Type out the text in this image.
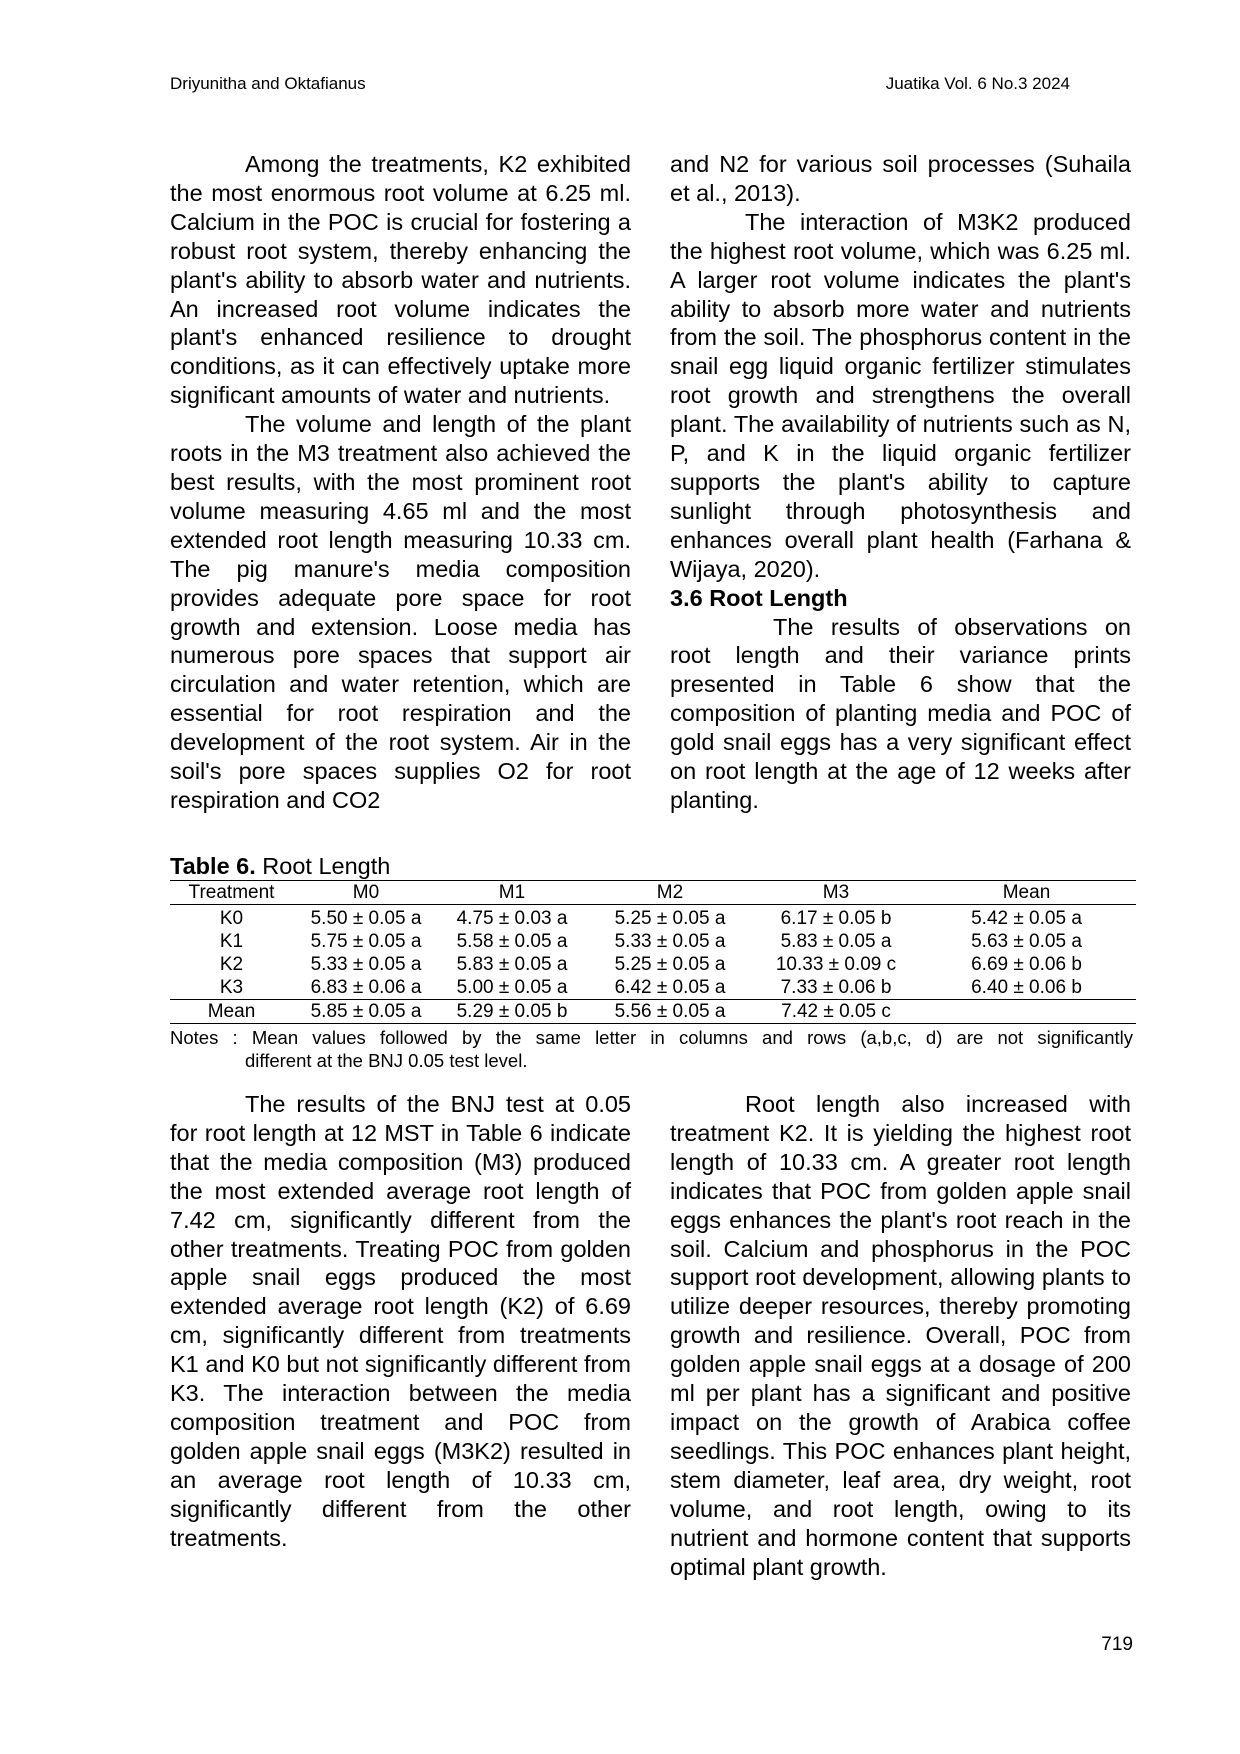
Driyunitha and Oktafianus	Juatika Vol. 6 No.3 2024

Among the treatments, K2 exhibited the most enormous root volume at 6.25 ml. Calcium in the POC is crucial for fostering a robust root system, thereby enhancing the plant's ability to absorb water and nutrients. An increased root volume indicates the plant's enhanced resilience to drought conditions, as it can effectively uptake more significant amounts of water and nutrients.

The volume and length of the plant roots in the M3 treatment also achieved the best results, with the most prominent root volume measuring 4.65 ml and the most extended root length measuring 10.33 cm. The pig manure's media composition provides adequate pore space for root growth and extension. Loose media has numerous pore spaces that support air circulation and water retention, which are essential for root respiration and the development of the root system. Air in the soil's pore spaces supplies O2 for root respiration and CO2

and N2 for various soil processes (Suhaila et al., 2013).

The interaction of M3K2 produced the highest root volume, which was 6.25 ml. A larger root volume indicates the plant's ability to absorb more water and nutrients from the soil. The phosphorus content in the snail egg liquid organic fertilizer stimulates root growth and strengthens the overall plant. The availability of nutrients such as N, P, and K in the liquid organic fertilizer supports the plant's ability to capture sunlight through photosynthesis and enhances overall plant health (Farhana & Wijaya, 2020).

3.6 Root Length

The results of observations on root length and their variance prints presented in Table 6 show that the composition of planting media and POC of gold snail eggs has a very significant effect on root length at the age of 12 weeks after planting.

Table 6. Root Length
Treatment	M0	M1	M2	M3	Mean
K0	5.50 ± 0.05 a	4.75 ± 0.03 a	5.25 ± 0.05 a	6.17 ± 0.05 b	5.42 ± 0.05 a
K1	5.75 ± 0.05 a	5.58 ± 0.05 a	5.33 ± 0.05 a	5.83 ± 0.05 a	5.63 ± 0.05 a
K2	5.33 ± 0.05 a	5.83 ± 0.05 a	5.25 ± 0.05 a	10.33 ± 0.09 c	6.69 ± 0.06 b
K3	6.83 ± 0.06 a	5.00 ± 0.05 a	6.42 ± 0.05 a	7.33 ± 0.06 b	6.40 ± 0.06 b
Mean	5.85 ± 0.05 a	5.29 ± 0.05 b	5.56 ± 0.05 a	7.42 ± 0.05 c	
Notes : Mean values followed by the same letter in columns and rows (a,b,c, d) are not significantly
different at the BNJ 0.05 test level.

The results of the BNJ test at 0.05 for root length at 12 MST in Table 6 indicate that the media composition (M3) produced the most extended average root length of 7.42 cm, significantly different from the other treatments. Treating POC from golden apple snail eggs produced the most extended average root length (K2) of 6.69 cm, significantly different from treatments K1 and K0 but not significantly different from K3. The interaction between the media composition treatment and POC from golden apple snail eggs (M3K2) resulted in an average root length of 10.33 cm, significantly different from the other treatments.

Root length also increased with treatment K2. It is yielding the highest root length of 10.33 cm. A greater root length indicates that POC from golden apple snail eggs enhances the plant's root reach in the soil. Calcium and phosphorus in the POC support root development, allowing plants to utilize deeper resources, thereby promoting growth and resilience. Overall, POC from golden apple snail eggs at a dosage of 200 ml per plant has a significant and positive impact on the growth of Arabica coffee seedlings. This POC enhances plant height, stem diameter, leaf area, dry weight, root volume, and root length, owing to its nutrient and hormone content that supports optimal plant growth.

719
